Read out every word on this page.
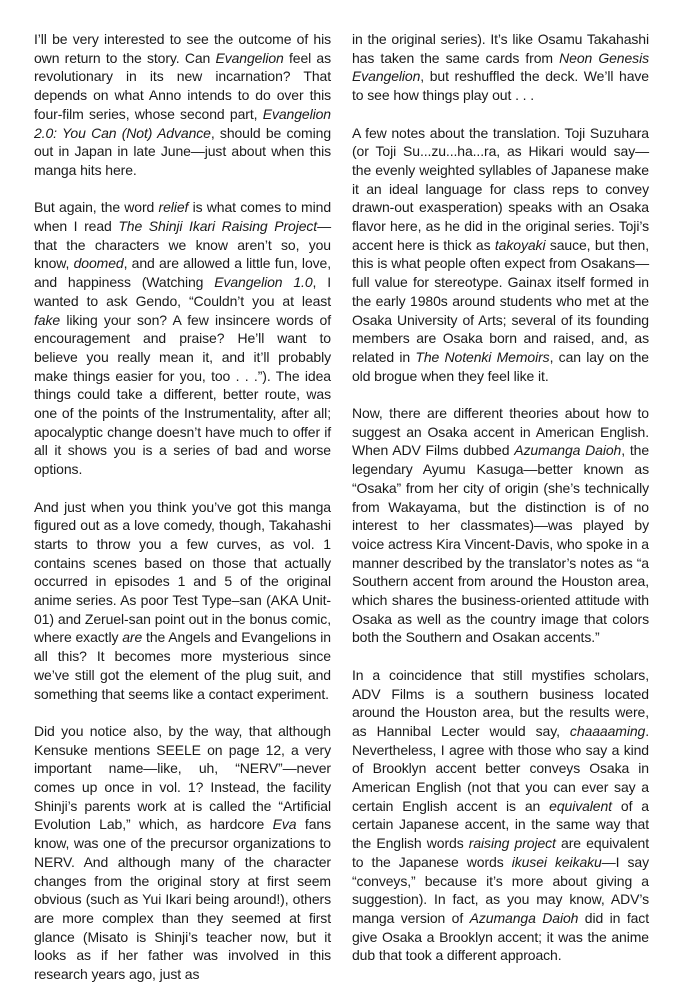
I’ll be very interested to see the outcome of his own return to the story. Can Evangelion feel as revolutionary in its new incarnation? That depends on what Anno intends to do over this four-film series, whose second part, Evangelion 2.0: You Can (Not) Advance, should be coming out in Japan in late June—just about when this manga hits here.

But again, the word relief is what comes to mind when I read The Shinji Ikari Raising Project—that the characters we know aren’t so, you know, doomed, and are allowed a little fun, love, and happiness (Watching Evangelion 1.0, I wanted to ask Gendo, “Couldn’t you at least fake liking your son? A few insincere words of encouragement and praise? He’ll want to believe you really mean it, and it’ll probably make things easier for you, too . . .”). The idea things could take a different, better route, was one of the points of the Instrumentality, after all; apocalyptic change doesn’t have much to offer if all it shows you is a series of bad and worse options.

And just when you think you’ve got this manga figured out as a love comedy, though, Takahashi starts to throw you a few curves, as vol. 1 contains scenes based on those that actually occurred in episodes 1 and 5 of the original anime series. As poor Test Type–san (AKA Unit-01) and Zeruel-san point out in the bonus comic, where exactly are the Angels and Evangelions in all this? It becomes more mysterious since we’ve still got the element of the plug suit, and something that seems like a contact experiment.

Did you notice also, by the way, that although Kensuke mentions SEELE on page 12, a very important name—like, uh, “NERV”—never comes up once in vol. 1? Instead, the facility Shinji’s parents work at is called the “Artificial Evolution Lab,” which, as hardcore Eva fans know, was one of the precursor organizations to NERV. And although many of the character changes from the original story at first seem obvious (such as Yui Ikari being around!), others are more complex than they seemed at first glance (Misato is Shinji’s teacher now, but it looks as if her father was involved in this research years ago, just as

in the original series). It’s like Osamu Takahashi has taken the same cards from Neon Genesis Evangelion, but reshuffled the deck. We’ll have to see how things play out . . .

A few notes about the translation. Toji Suzuhara (or Toji Su...zu...ha...ra, as Hikari would say—the evenly weighted syllables of Japanese make it an ideal language for class reps to convey drawn-out exasperation) speaks with an Osaka flavor here, as he did in the original series. Toji’s accent here is thick as takoyaki sauce, but then, this is what people often expect from Osakans—full value for stereotype. Gainax itself formed in the early 1980s around students who met at the Osaka University of Arts; several of its founding members are Osaka born and raised, and, as related in The Notenki Memoirs, can lay on the old brogue when they feel like it.

Now, there are different theories about how to suggest an Osaka accent in American English. When ADV Films dubbed Azumanga Daioh, the legendary Ayumu Kasuga—better known as “Osaka” from her city of origin (she’s technically from Wakayama, but the distinction is of no interest to her classmates)—was played by voice actress Kira Vincent-Davis, who spoke in a manner described by the translator’s notes as “a Southern accent from around the Houston area, which shares the business-oriented attitude with Osaka as well as the country image that colors both the Southern and Osakan accents.”

In a coincidence that still mystifies scholars, ADV Films is a southern business located around the Houston area, but the results were, as Hannibal Lecter would say, chaaaaming. Nevertheless, I agree with those who say a kind of Brooklyn accent better conveys Osaka in American English (not that you can ever say a certain English accent is an equivalent of a certain Japanese accent, in the same way that the English words raising project are equivalent to the Japanese words ikusei keikaku—I say “conveys,” because it’s more about giving a suggestion). In fact, as you may know, ADV’s manga version of Azumanga Daioh did in fact give Osaka a Brooklyn accent; it was the anime dub that took a different approach.
